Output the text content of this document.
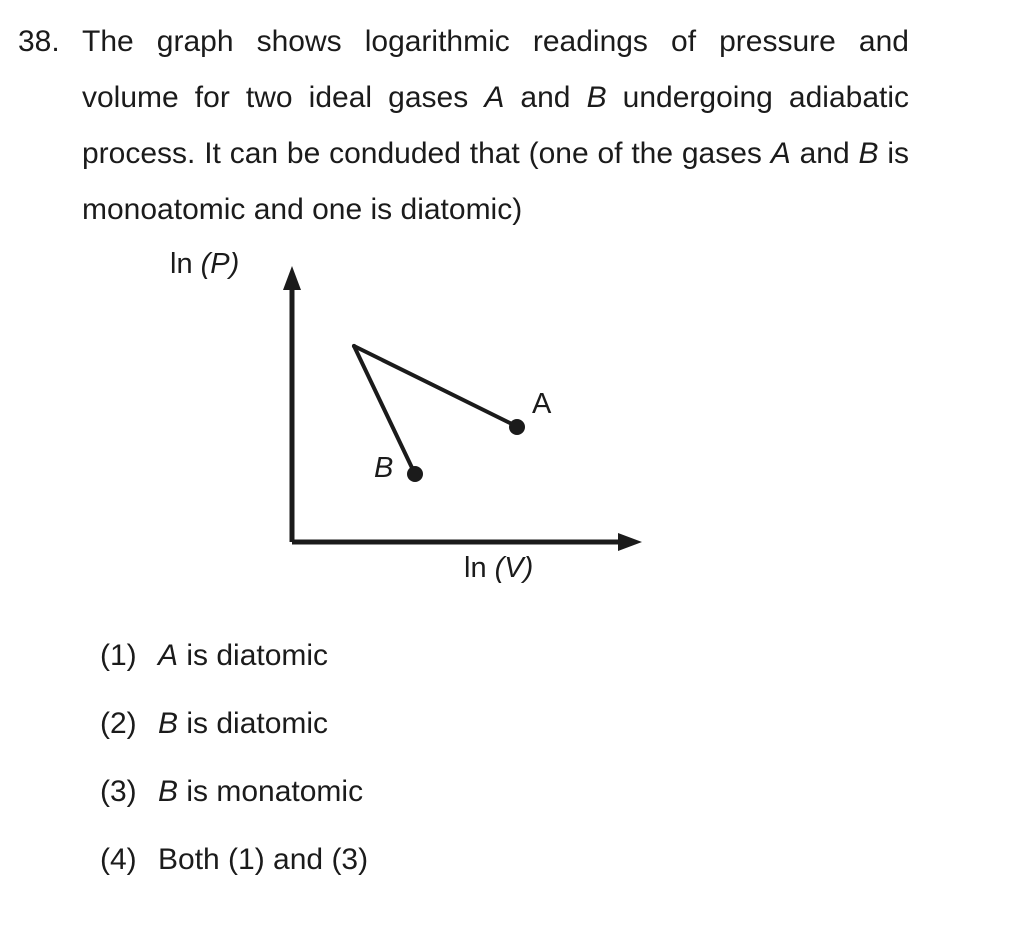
38. The graph shows logarithmic readings of pressure and volume for two ideal gases A and B undergoing adiabatic process. It can be conduded that (one of the gases A and B is monoatomic and one is diatomic)
ln (P)
ln (V)
A
B
(1) A is diatomic
(2) B is diatomic
(3) B is monatomic
(4) Both (1) and (3)
